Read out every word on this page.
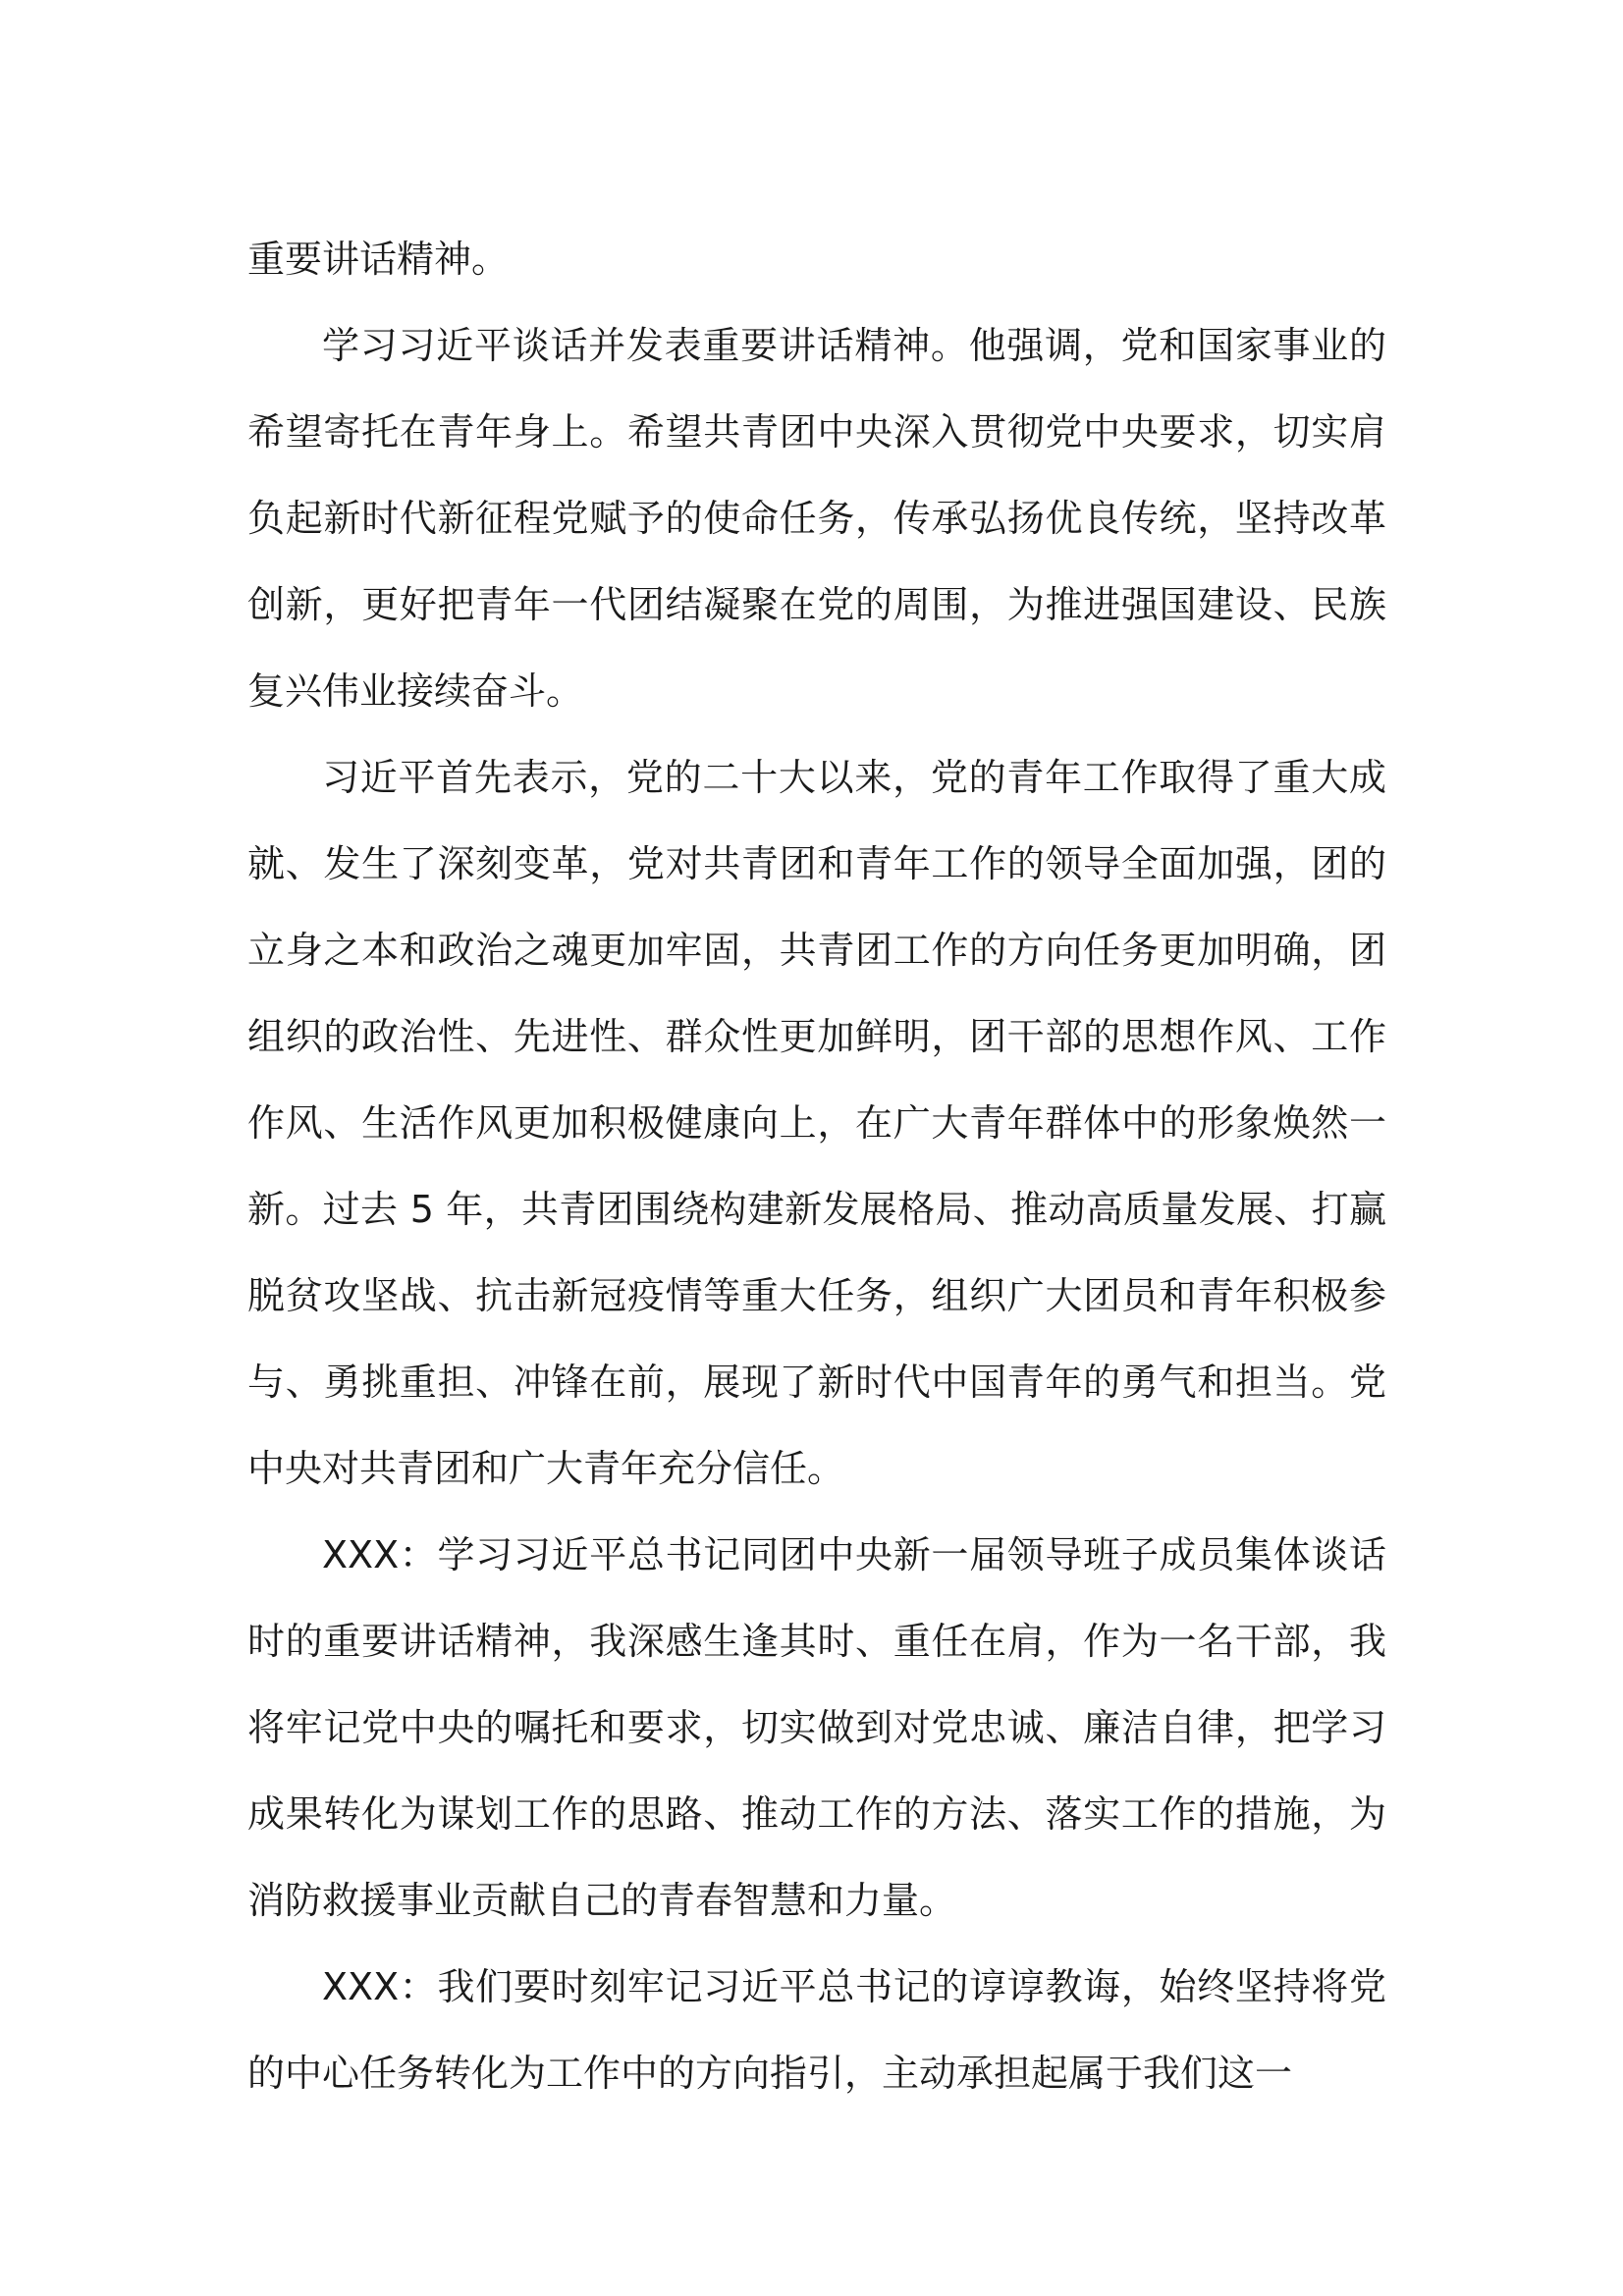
重要讲话精神。

学习习近平谈话并发表重要讲话精神。他强调，党和国家事业的希望寄托在青年身上。希望共青团中央深入贯彻党中央要求，切实肩负起新时代新征程党赋予的使命任务，传承弘扬优良传统，坚持改革创新，更好把青年一代团结凝聚在党的周围，为推进强国建设、民族复兴伟业接续奋斗。

习近平首先表示，党的二十大以来，党的青年工作取得了重大成就、发生了深刻变革，党对共青团和青年工作的领导全面加强，团的立身之本和政治之魂更加牢固，共青团工作的方向任务更加明确，团组织的政治性、先进性、群众性更加鲜明，团干部的思想作风、工作作风、生活作风更加积极健康向上，在广大青年群体中的形象焕然一新。过去 5 年，共青团围绕构建新发展格局、推动高质量发展、打赢脱贫攻坚战、抗击新冠疫情等重大任务，组织广大团员和青年积极参与、勇挑重担、冲锋在前，展现了新时代中国青年的勇气和担当。党中央对共青团和广大青年充分信任。

XXX：学习习近平总书记同团中央新一届领导班子成员集体谈话时的重要讲话精神，我深感生逢其时、重任在肩，作为一名干部，我将牢记党中央的嘱托和要求，切实做到对党忠诚、廉洁自律，把学习成果转化为谋划工作的思路、推动工作的方法、落实工作的措施，为消防救援事业贡献自己的青春智慧和力量。

XXX：我们要时刻牢记习近平总书记的谆谆教诲，始终坚持将党的中心任务转化为工作中的方向指引，主动承担起属于我们这一
